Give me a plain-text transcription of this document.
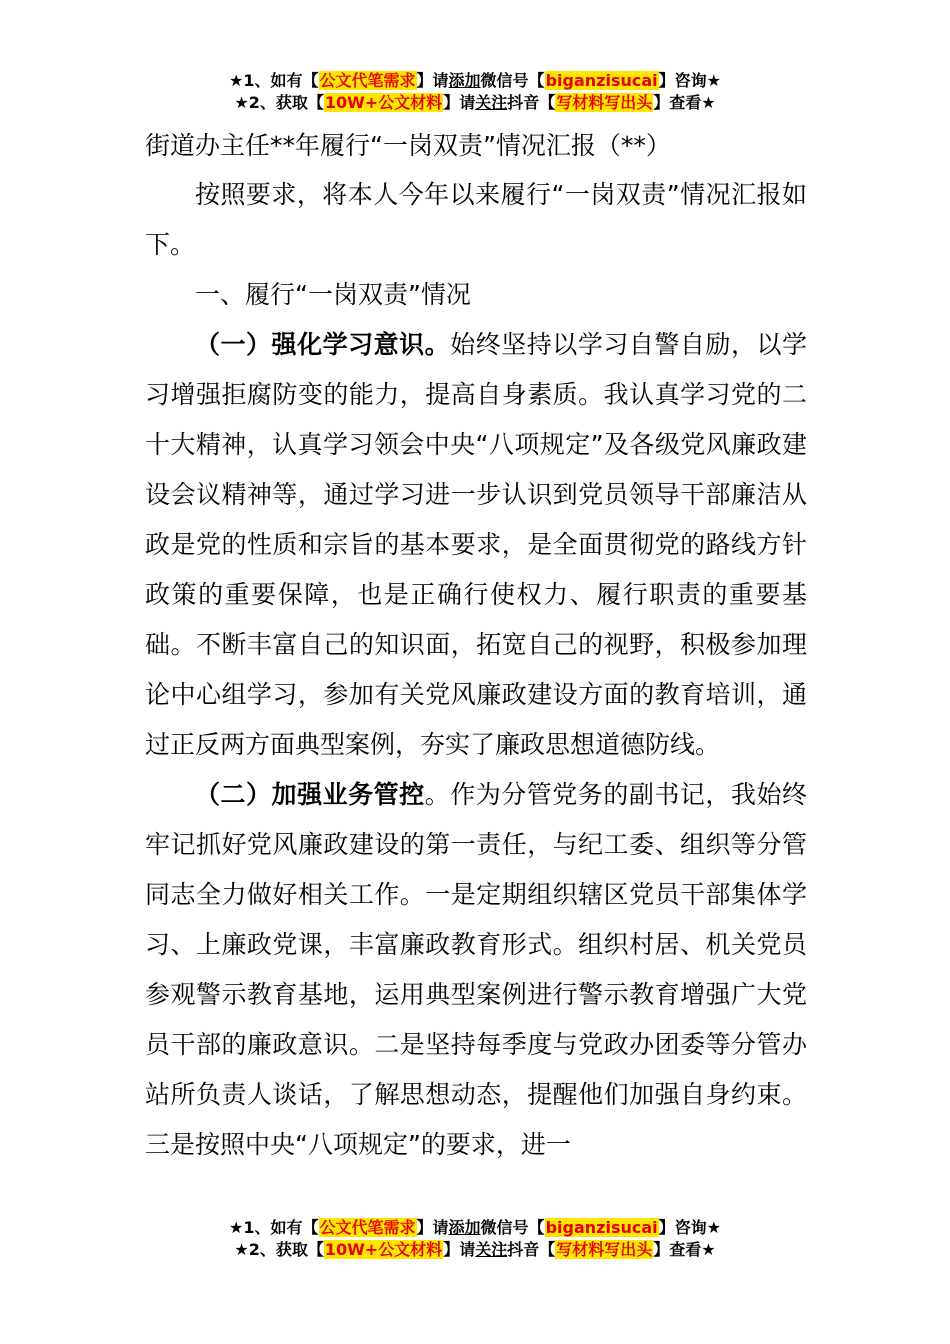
★1、如有【公文代笔需求】请添加微信号【biganzisucai】咨询★
★2、获取【10W+公文材料】请关注抖音【写材料写出头】查看★

街道办主任**年履行“一岗双责”情况汇报（**）

按照要求，将本人今年以来履行“一岗双责”情况汇报如下。

一、履行“一岗双责”情况

（一）强化学习意识。始终坚持以学习自警自励，以学习增强拒腐防变的能力，提高自身素质。我认真学习党的二十大精神，认真学习领会中央“八项规定”及各级党风廉政建设会议精神等，通过学习进一步认识到党员领导干部廉洁从政是党的性质和宗旨的基本要求，是全面贯彻党的路线方针政策的重要保障，也是正确行使权力、履行职责的重要基础。不断丰富自己的知识面，拓宽自己的视野，积极参加理论中心组学习，参加有关党风廉政建设方面的教育培训，通过正反两方面典型案例，夯实了廉政思想道德防线。

（二）加强业务管控。作为分管党务的副书记，我始终牢记抓好党风廉政建设的第一责任，与纪工委、组织等分管同志全力做好相关工作。一是定期组织辖区党员干部集体学习、上廉政党课，丰富廉政教育形式。组织村居、机关党员参观警示教育基地，运用典型案例进行警示教育增强广大党员干部的廉政意识。二是坚持每季度与党政办团委等分管办站所负责人谈话，了解思想动态，提醒他们加强自身约束。三是按照中央“八项规定”的要求，进一

★1、如有【公文代笔需求】请添加微信号【biganzisucai】咨询★
★2、获取【10W+公文材料】请关注抖音【写材料写出头】查看★
